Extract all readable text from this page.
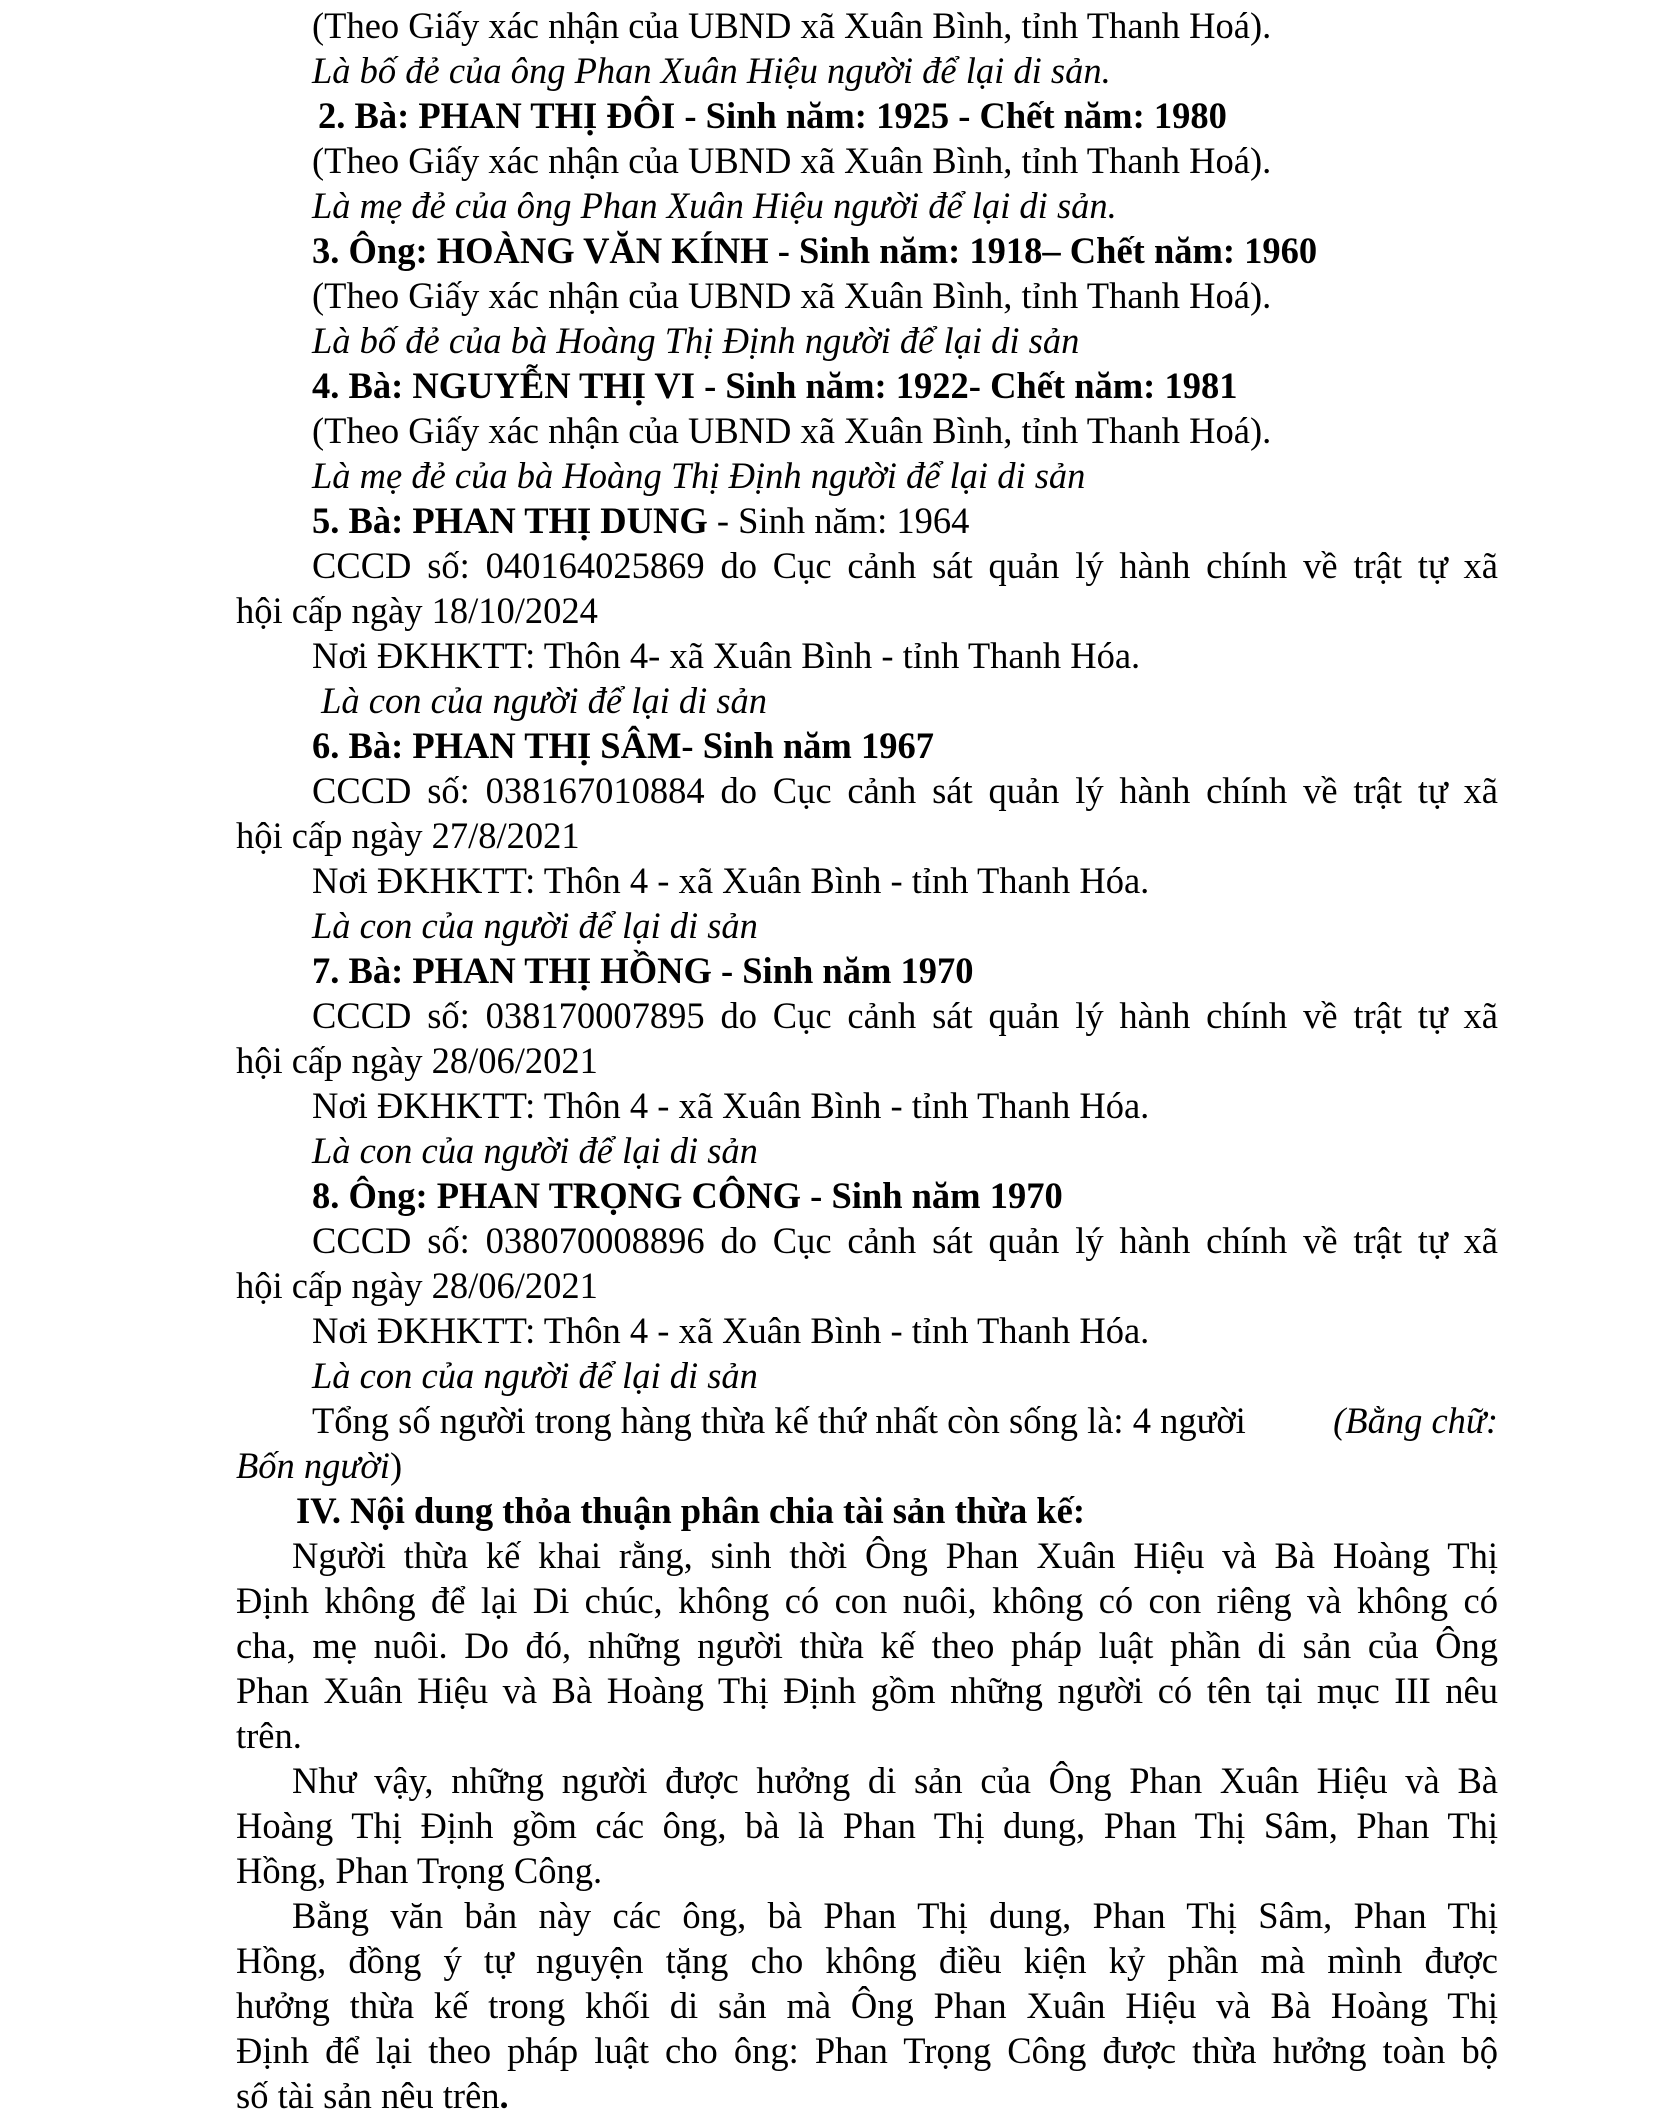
(Theo Giấy xác nhận của UBND xã Xuân Bình, tỉnh Thanh Hoá).
Là bố đẻ của ông Phan Xuân Hiệu người để lại di sản.
2. Bà: PHAN THỊ ĐÔI - Sinh năm: 1925 - Chết năm: 1980
(Theo Giấy xác nhận của UBND xã Xuân Bình, tỉnh Thanh Hoá).
Là mẹ đẻ của ông Phan Xuân Hiệu người để lại di sản.
3. Ông: HOÀNG VĂN KÍNH - Sinh năm: 1918– Chết năm: 1960
(Theo Giấy xác nhận của UBND xã Xuân Bình, tỉnh Thanh Hoá).
Là bố đẻ của bà Hoàng Thị Định người để lại di sản
4. Bà: NGUYỄN THỊ VI - Sinh năm: 1922- Chết năm: 1981
(Theo Giấy xác nhận của UBND xã Xuân Bình, tỉnh Thanh Hoá).
Là mẹ đẻ của bà Hoàng Thị Định người để lại di sản
5. Bà: PHAN THỊ DUNG - Sinh năm: 1964
CCCD số: 040164025869 do Cục cảnh sát quản lý hành chính về trật tự xã
hội cấp ngày 18/10/2024
Nơi ĐKHKTT: Thôn 4- xã Xuân Bình - tỉnh Thanh Hóa.
Là con của người để lại di sản
6. Bà: PHAN THỊ SÂM- Sinh năm 1967
CCCD số: 038167010884 do Cục cảnh sát quản lý hành chính về trật tự xã
hội cấp ngày 27/8/2021
Nơi ĐKHKTT: Thôn 4 - xã Xuân Bình - tỉnh Thanh Hóa.
Là con của người để lại di sản
7. Bà: PHAN THỊ HỒNG - Sinh năm 1970
CCCD số: 038170007895 do Cục cảnh sát quản lý hành chính về trật tự xã
hội cấp ngày 28/06/2021
Nơi ĐKHKTT: Thôn 4 - xã Xuân Bình - tỉnh Thanh Hóa.
Là con của người để lại di sản
8. Ông: PHAN TRỌNG CÔNG - Sinh năm 1970
CCCD số: 038070008896 do Cục cảnh sát quản lý hành chính về trật tự xã
hội cấp ngày 28/06/2021
Nơi ĐKHKTT: Thôn 4 - xã Xuân Bình - tỉnh Thanh Hóa.
Là con của người để lại di sản
Tổng số người trong hàng thừa kế thứ nhất còn sống là: 4 người (Bằng chữ:
Bốn người)
IV. Nội dung thỏa thuận phân chia tài sản thừa kế:
Người thừa kế khai rằng, sinh thời Ông Phan Xuân Hiệu và Bà Hoàng Thị
Định không để lại Di chúc, không có con nuôi, không có con riêng và không có
cha, mẹ nuôi. Do đó, những người thừa kế theo pháp luật phần di sản của Ông
Phan Xuân Hiệu và Bà Hoàng Thị Định gồm những người có tên tại mục III nêu
trên.
Như vậy, những người được hưởng di sản của Ông Phan Xuân Hiệu và Bà
Hoàng Thị Định gồm các ông, bà là Phan Thị dung, Phan Thị Sâm, Phan Thị
Hồng, Phan Trọng Công.
Bằng văn bản này các ông, bà Phan Thị dung, Phan Thị Sâm, Phan Thị
Hồng, đồng ý tự nguyện tặng cho không điều kiện kỷ phần mà mình được
hưởng thừa kế trong khối di sản mà Ông Phan Xuân Hiệu và Bà Hoàng Thị
Định để lại theo pháp luật cho ông: Phan Trọng Công được thừa hưởng toàn bộ
số tài sản nêu trên.
